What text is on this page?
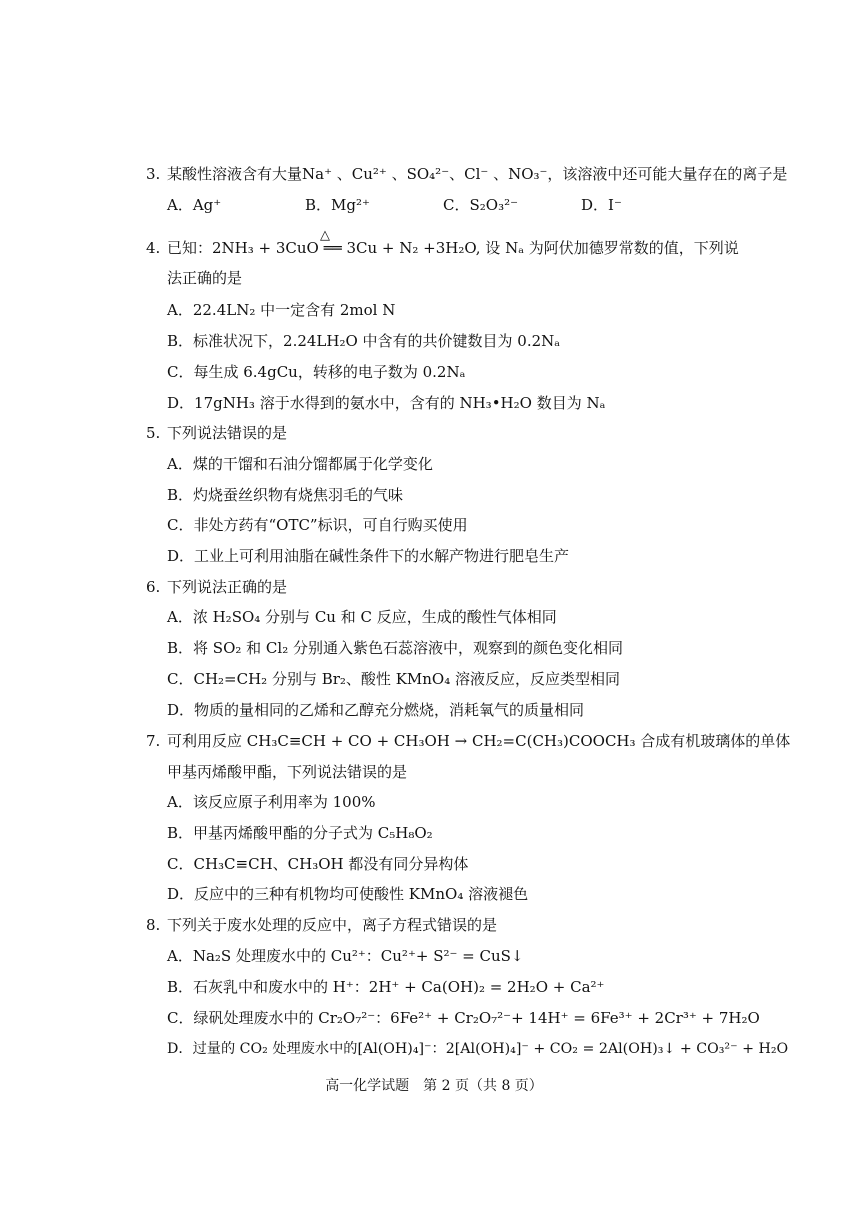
3. 某酸性溶液含有大量Na⁺ 、Cu²⁺ 、SO₄²⁻、Cl⁻ 、NO₃⁻，该溶液中还可能大量存在的离子是
A．Ag⁺	B．Mg²⁺	C．S₂O₃²⁻	D．I⁻
4.
△
已知：2NH₃ + 3CuO ══ 3Cu + N₂ +3H₂O, 设 Nₐ 为阿伏加德罗常数的值，下列说
法正确的是
A．22.4LN₂ 中一定含有 2mol N
B．标准状况下，2.24LH₂O 中含有的共价键数目为 0.2Nₐ
C．每生成 6.4gCu，转移的电子数为 0.2Nₐ
D．17gNH₃ 溶于水得到的氨水中，含有的 NH₃•H₂O 数目为 Nₐ
5. 下列说法错误的是
A．煤的干馏和石油分馏都属于化学变化
B．灼烧蚕丝织物有烧焦羽毛的气味
C．非处方药有“OTC”标识，可自行购买使用
D．工业上可利用油脂在碱性条件下的水解产物进行肥皂生产
6. 下列说法正确的是
A．浓 H₂SO₄ 分别与 Cu 和 C 反应，生成的酸性气体相同
B．将 SO₂ 和 Cl₂ 分别通入紫色石蕊溶液中，观察到的颜色变化相同
C．CH₂=CH₂ 分别与 Br₂、酸性 KMnO₄ 溶液反应，反应类型相同
D．物质的量相同的乙烯和乙醇充分燃烧，消耗氧气的质量相同
7. 可利用反应 CH₃C≡CH + CO + CH₃OH → CH₂=C(CH₃)COOCH₃ 合成有机玻璃体的单体
甲基丙烯酸甲酯，下列说法错误的是
A．该反应原子利用率为 100%
B．甲基丙烯酸甲酯的分子式为 C₅H₈O₂
C．CH₃C≡CH、CH₃OH 都没有同分异构体
D．反应中的三种有机物均可使酸性 KMnO₄ 溶液褪色
8. 下列关于废水处理的反应中，离子方程式错误的是
A．Na₂S 处理废水中的 Cu²⁺：Cu²⁺+ S²⁻ = CuS↓
B．石灰乳中和废水中的 H⁺：2H⁺ + Ca(OH)₂ = 2H₂O + Ca²⁺
C．绿矾处理废水中的 Cr₂O₇²⁻：6Fe²⁺ + Cr₂O₇²⁻+ 14H⁺ = 6Fe³⁺ + 2Cr³⁺ + 7H₂O
D．过量的 CO₂ 处理废水中的[Al(OH)₄]⁻：2[Al(OH)₄]⁻ + CO₂ = 2Al(OH)₃↓ + CO₃²⁻ + H₂O
高一化学试题　第 2 页（共 8 页）
